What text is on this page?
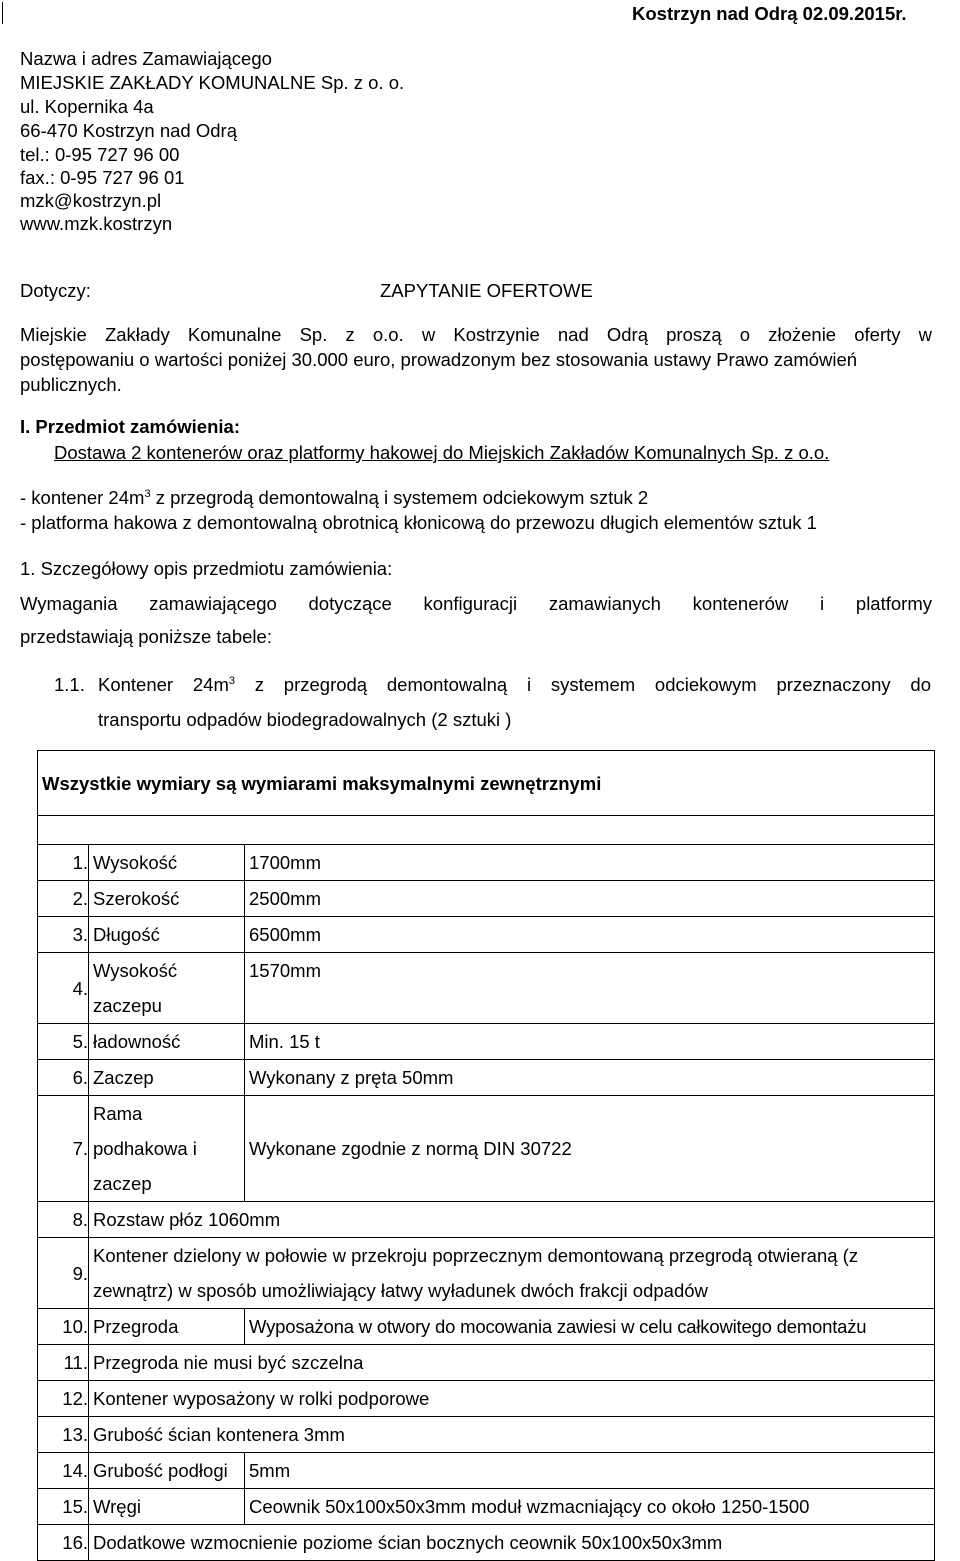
Kostrzyn nad Odrą 02.09.2015r.
Nazwa i adres Zamawiającego
MIEJSKIE ZAKŁADY KOMUNALNE Sp. z o. o.
ul. Kopernika 4a
66-470 Kostrzyn nad Odrą
tel.: 0-95 727 96 00
fax.: 0-95 727 96 01
mzk@kostrzyn.pl
www.mzk.kostrzyn
Dotyczy:	ZAPYTANIE OFERTOWE
Miejskie Zakłady Komunalne Sp. z o.o. w Kostrzynie nad Odrą proszą o złożenie oferty w
postępowaniu o wartości poniżej 30.000 euro, prowadzonym bez stosowania ustawy Prawo zamówień
publicznych.
I. Przedmiot zamówienia:
Dostawa 2 kontenerów oraz platformy hakowej do Miejskich Zakładów Komunalnych Sp. z o.o.
- kontener $24m^3$ z przegrodą demontowalną i systemem odciekowym sztuk 2
- platforma hakowa z demontowalną obrotnicą kłonicową do przewozu długich elementów sztuk 1
1. Szczegółowy opis przedmiotu zamówienia:
Wymagania zamawiającego dotyczące konfiguracji zamawianych kontenerów i platformy
przedstawiają poniższe tabele:
1.1. Kontener $24m^3$ z przegrodą demontowalną i systemem odciekowym przeznaczony do
transportu odpadów biodegradowalnych (2 sztuki )
Wszystkie wymiary są wymiarami maksymalnymi zewnętrznymi		

1.	Wysokość	1700mm
2.	Szerokość	2500mm
3.	Długość	6500mm
4.	Wysokość zaczepu	1570mm
5.	ładowność	Min. 15 t
6.	Zaczep	Wykonany z pręta 50mm
7.	Rama podhakowa i zaczep	Wykonane zgodnie z normą DIN 30722
8.	Rozstaw płóz 1060mm	
9.	Kontener dzielony w połowie w przekroju poprzecznym demontowaną przegrodą otwieraną (z zewnątrz) w sposób umożliwiający łatwy wyładunek dwóch frakcji odpadów	
10.	Przegroda	Wyposażona w otwory do mocowania zawiesi w celu całkowitego demontażu
11.	Przegroda nie musi być szczelna	
12.	Kontener wyposażony w rolki podporowe	
13.	Grubość ścian kontenera 3mm	
14.	Grubość podłogi	5mm
15.	Wręgi	Ceownik 50x100x50x3mm moduł wzmacniający co około 1250-1500
16.	Dodatkowe wzmocnienie poziome ścian bocznych ceownik 50x100x50x3mm	
